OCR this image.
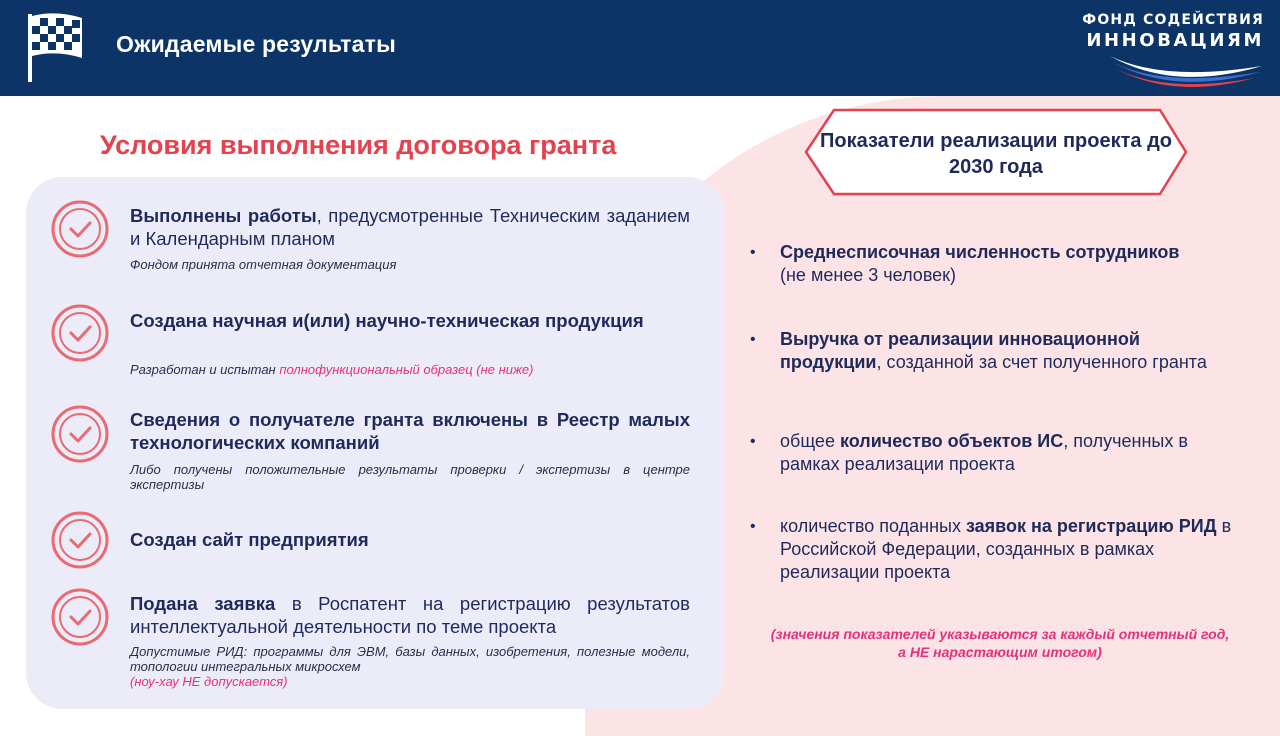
Ожидаемые результаты
ФОНД СОДЕЙСТВИЯ
ИННОВАЦИЯМ
Условия выполнения договора гранта
Выполнены работы, предусмотренные Техническим заданием и Календарным планом
Фондом принята отчетная документация
Создана научная и(или) научно-техническая продукция
Разработан и испытан полнофункциональный образец (не ниже)
Сведения о получателе гранта включены в Реестр малых технологических компаний
Либо получены положительные результаты проверки / экспертизы в центре экспертизы
Создан сайт предприятия
Подана заявка в Роспатент на регистрацию результатов интеллектуальной деятельности по теме проекта
Допустимые РИД: программы для ЭВМ, базы данных, изобретения, полезные модели, топологии интегральных микросхем
(ноу-хау НЕ допускается)
Показатели реализации проекта до 2030 года
• Среднесписочная численность сотрудников
(не менее 3 человек)
• Выручка от реализации инновационной продукции, созданной за счет полученного гранта
• общее количество объектов ИС, полученных в рамках реализации проекта
• количество поданных заявок на регистрацию РИД в Российской Федерации, созданных в рамках реализации проекта
(значения показателей указываются за каждый отчетный год, а НЕ нарастающим итогом)
